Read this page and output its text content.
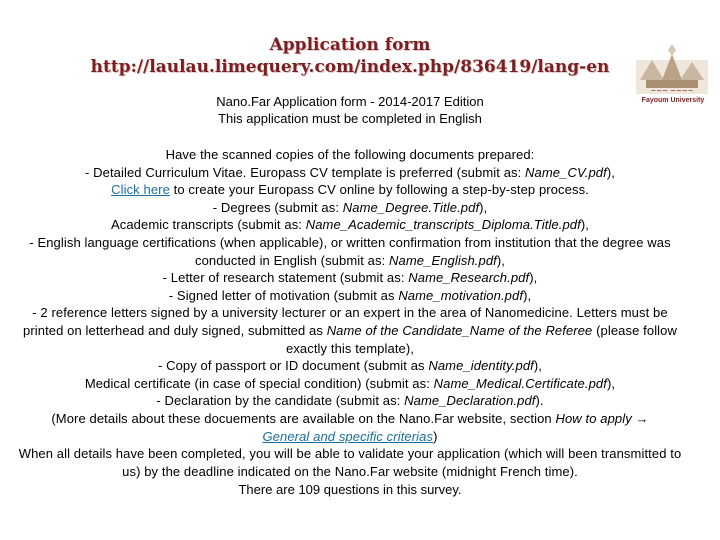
Application form
http://laulau.limequery.com/index.php/836419/lang-en
~~~ ~~~~
Fayoum University
Nano.Far Application form - 2014-2017 Edition
This application must be completed in English

Have the scanned copies of the following documents prepared:

- Detailed Curriculum Vitae. Europass CV template is preferred (submit as: Name_CV.pdf),
Click here to create your Europass CV online by following a step-by-step process.

- Degrees (submit as: Name_Degree.Title.pdf),

Academic transcripts (submit as: Name_Academic_transcripts_Diploma.Title.pdf),

- English language certifications (when applicable), or written confirmation from institution that the degree was conducted in English (submit as: Name_English.pdf),

- Letter of research statement (submit as: Name_Research.pdf),

- Signed letter of motivation (submit as Name_motivation.pdf),

- 2 reference letters signed by a university lecturer or an expert in the area of Nanomedicine. Letters must be printed on letterhead and duly signed, submitted as Name of the Candidate_Name of the Referee (please follow exactly this template),

- Copy of passport or ID document (submit as Name_identity.pdf),

Medical certificate (in case of special condition) (submit as: Name_Medical.Certificate.pdf),

- Declaration by the candidate (submit as: Name_Declaration.pdf).

(More details about these docuements are available on the Nano.Far website, section How to apply →
General and specific criterias)

When all details have been completed, you will be able to validate your application (which will been transmitted to us) by the deadline indicated on the Nano.Far website (midnight French time).

There are 109 questions in this survey.
